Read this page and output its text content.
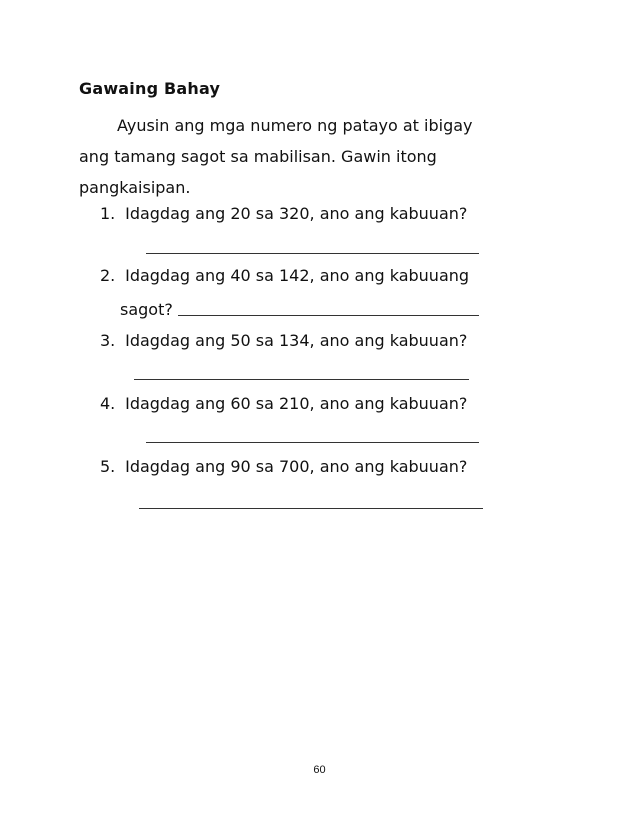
Gawaing Bahay
Ayusin ang mga numero ng patayo at ibigay
ang tamang sagot sa mabilisan. Gawin itong
pangkaisipan.
1. Idagdag ang 20 sa 320, ano ang kabuuan?
2. Idagdag ang 40 sa 142, ano ang kabuuang
sagot?
3. Idagdag ang 50 sa 134, ano ang kabuuan?
4. Idagdag ang 60 sa 210, ano ang kabuuan?
5. Idagdag ang 90 sa 700, ano ang kabuuan?
60
